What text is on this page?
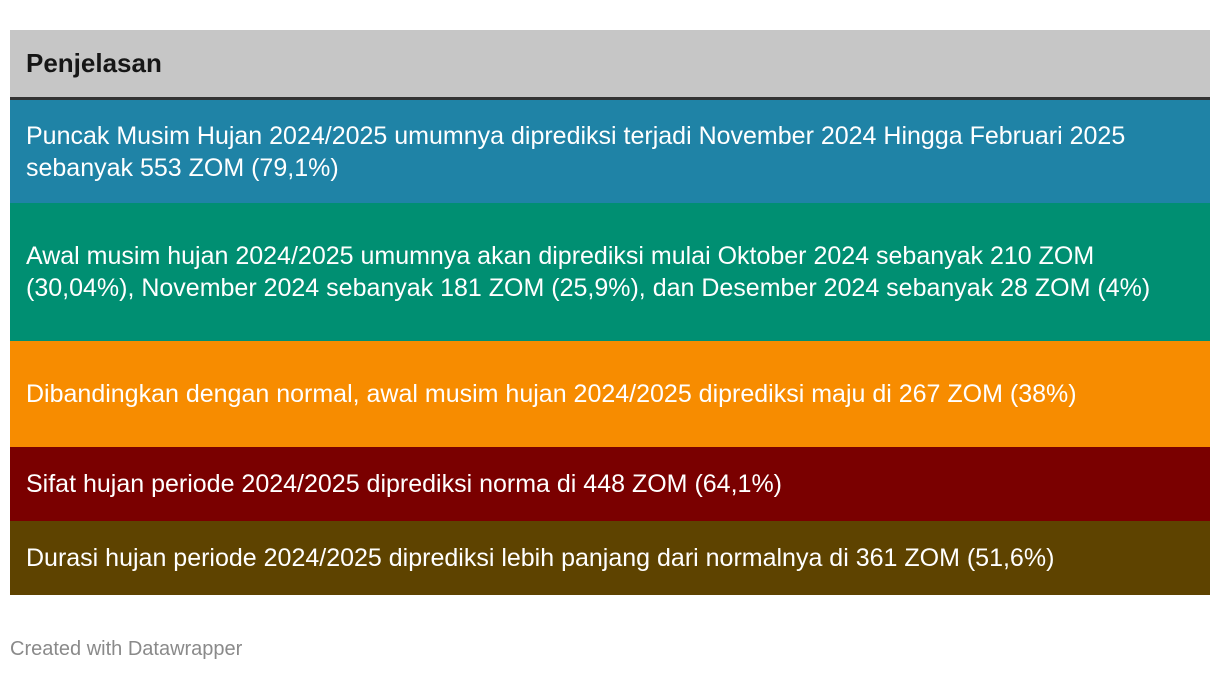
Penjelasan
Puncak Musim Hujan 2024/2025 umumnya diprediksi terjadi November 2024 Hingga Februari 2025 sebanyak 553 ZOM (79,1%)
Awal musim hujan 2024/2025 umumnya akan diprediksi mulai Oktober 2024 sebanyak 210 ZOM (30,04%), November 2024 sebanyak 181 ZOM (25,9%), dan Desember 2024 sebanyak 28 ZOM (4%)
Dibandingkan dengan normal, awal musim hujan 2024/2025 diprediksi maju di 267 ZOM (38%)
Sifat hujan periode 2024/2025 diprediksi norma di 448 ZOM (64,1%)
Durasi hujan periode 2024/2025 diprediksi lebih panjang dari normalnya di 361 ZOM (51,6%)
Created with Datawrapper
